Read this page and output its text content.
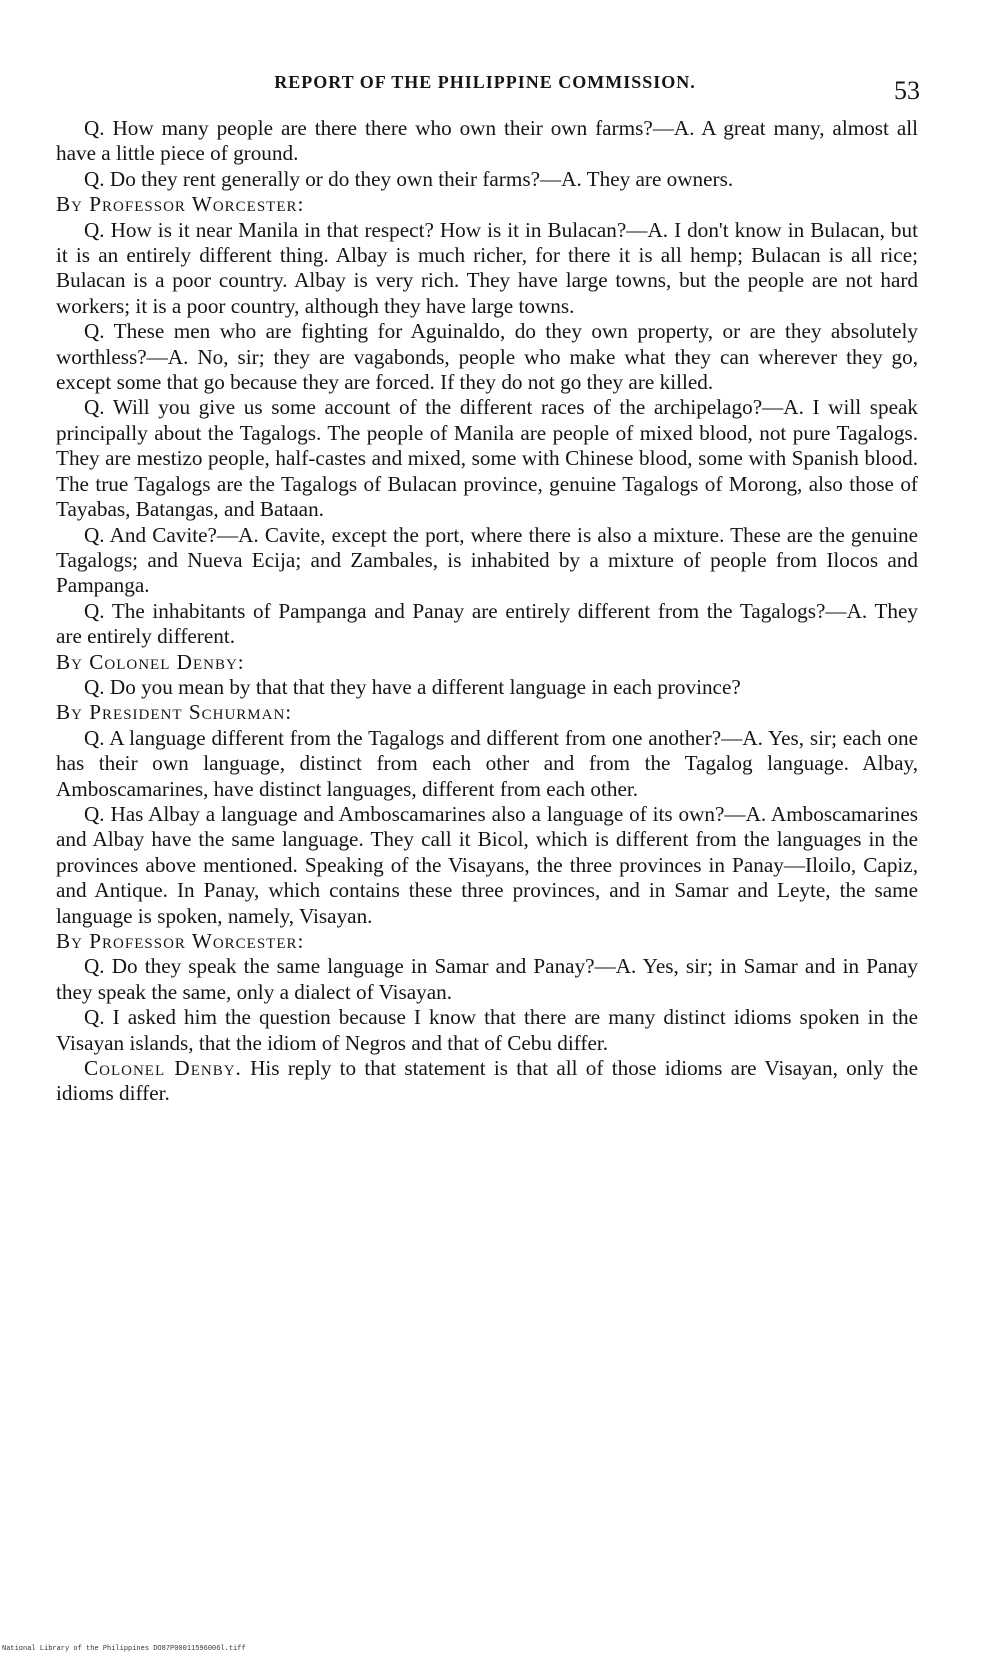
REPORT OF THE PHILIPPINE COMMISSION.	53

Q. How many people are there there who own their own farms?—A. A great many, almost all have a little piece of ground.

Q. Do they rent generally or do they own their farms?—A. They are owners.

By Professor Worcester:

Q. How is it near Manila in that respect? How is it in Bulacan?—A. I don't know in Bulacan, but it is an entirely different thing. Albay is much richer, for there it is all hemp; Bulacan is all rice; Bulacan is a poor country. Albay is very rich. They have large towns, but the people are not hard workers; it is a poor country, although they have large towns.

Q. These men who are fighting for Aguinaldo, do they own property, or are they absolutely worthless?—A. No, sir; they are vagabonds, people who make what they can wherever they go, except some that go because they are forced. If they do not go they are killed.

Q. Will you give us some account of the different races of the archipelago?—A. I will speak principally about the Tagalogs. The people of Manila are people of mixed blood, not pure Tagalogs. They are mestizo people, half-castes and mixed, some with Chinese blood, some with Spanish blood. The true Tagalogs are the Tagalogs of Bulacan province, genuine Tagalogs of Morong, also those of Tayabas, Batangas, and Bataan.

Q. And Cavite?—A. Cavite, except the port, where there is also a mixture. These are the genuine Tagalogs; and Nueva Ecija; and Zambales, is inhabited by a mixture of people from Ilocos and Pampanga.

Q. The inhabitants of Pampanga and Panay are entirely different from the Tagalogs?—A. They are entirely different.

By Colonel Denby:

Q. Do you mean by that that they have a different language in each province?

By President Schurman:

Q. A language different from the Tagalogs and different from one another?—A. Yes, sir; each one has their own language, distinct from each other and from the Tagalog language. Albay, Amboscamarines, have distinct languages, different from each other.

Q. Has Albay a language and Amboscamarines also a language of its own?—A. Amboscamarines and Albay have the same language. They call it Bicol, which is different from the languages in the provinces above mentioned. Speaking of the Visayans, the three provinces in Panay—Iloilo, Capiz, and Antique. In Panay, which contains these three provinces, and in Samar and Leyte, the same language is spoken, namely, Visayan.

By Professor Worcester:

Q. Do they speak the same language in Samar and Panay?—A. Yes, sir; in Samar and in Panay they speak the same, only a dialect of Visayan.

Q. I asked him the question because I know that there are many distinct idioms spoken in the Visayan islands, that the idiom of Negros and that of Cebu differ.

Colonel Denby. His reply to that statement is that all of those idioms are Visayan, only the idioms differ.

National Library of the Philippines DO87P00011596006l.tiff
